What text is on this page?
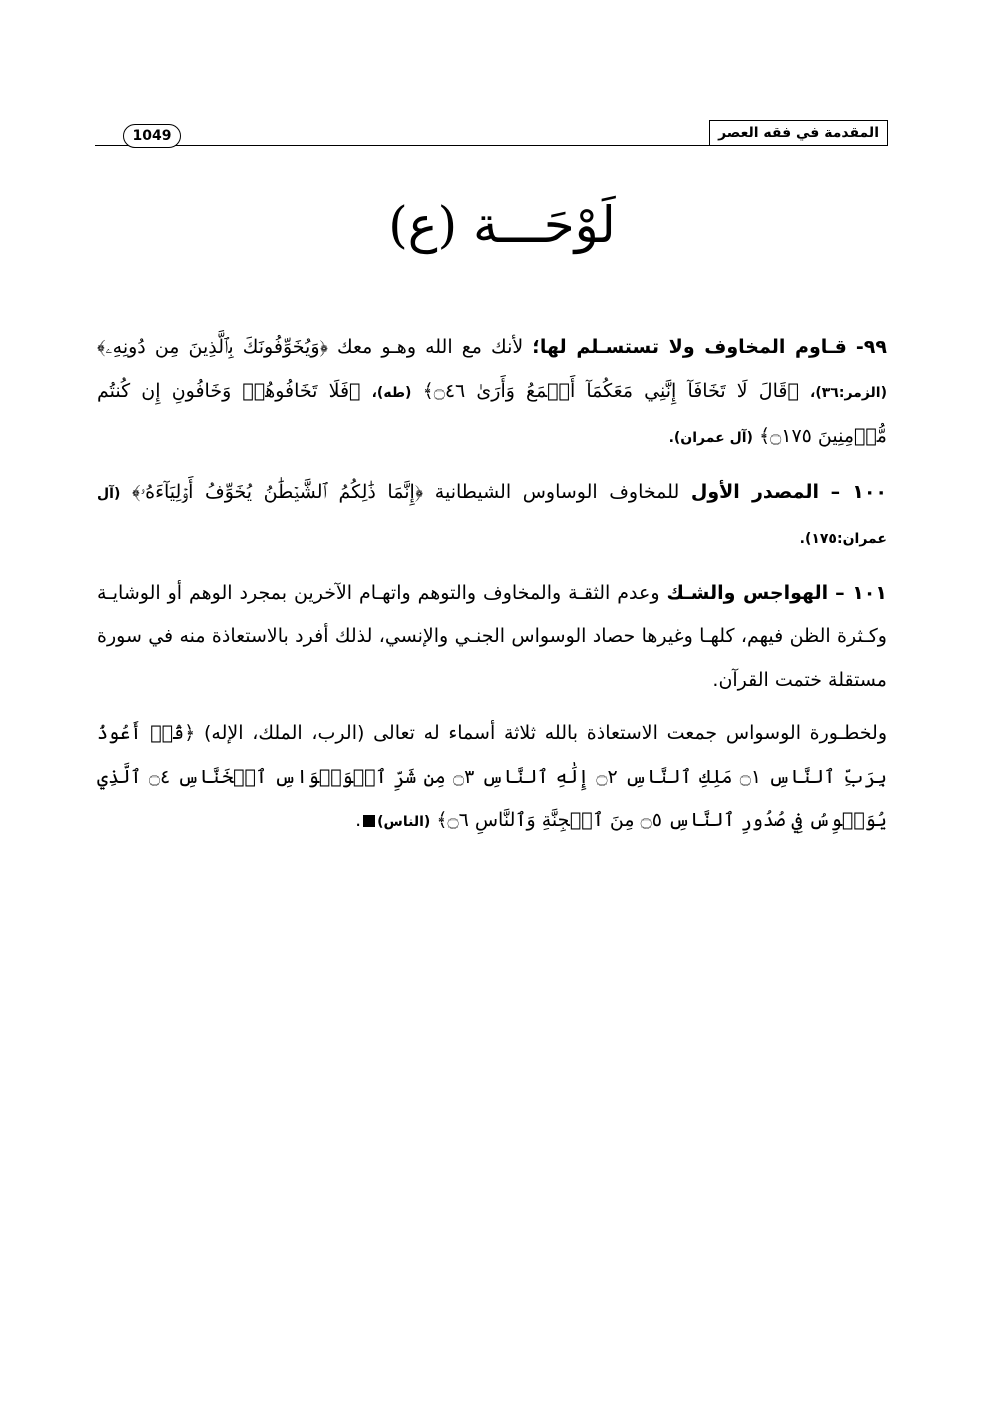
1049	المقدمة في فقه العصر
لَوْحَـــة (ع)

٩٩- قـاوم المخاوف ولا تستسـلم لها؛ لأنك مع الله وهـو معك ﴿وَيُخَوِّفُونَكَ بِٱلَّذِينَ مِن دُونِهِۦ﴾ (الزمر:٣٦)، ﴿قَالَ لَا تَخَافَآ إِنَّنِي مَعَكُمَآ أَسۡمَعُ وَأَرَىٰ ۝٤٦﴾ (طه)، ﴿فَلَا تَخَافُوهُمۡ وَخَافُونِ إِن كُنتُم مُّؤۡمِنِينَ ۝١٧٥﴾ (آل عمران).

١٠٠ – المصدر الأول للمخاوف الوساوس الشيطانية ﴿إِنَّمَا ذَٰلِكُمُ ٱلشَّيۡطَٰنُ يُخَوِّفُ أَوۡلِيَآءَهُۥ﴾ (آل عمران:١٧٥).

١٠١ – الهواجس والشـك وعدم الثقـة والمخاوف والتوهم واتهـام الآخرين بمجرد الوهم أو الوشايـة وكـثرة الظن فيهم، كلهـا وغيرها حصاد الوسواس الجنـي والإنسي، لذلك أفرد بالاستعاذة منه في سورة مستقلة ختمت القرآن.

ولخطـورة الوسواس جمعت الاستعاذة بالله ثلاثة أسماء له تعالى (الرب، الملك، الإله) ﴿قُلۡ أَعُوذُ بِرَبِّ ٱلنَّاسِ ۝١ مَلِكِ ٱلنَّاسِ ۝٢ إِلَٰهِ ٱلنَّاسِ ۝٣ مِن شَرِّ ٱلۡوَسۡوَاسِ ٱلۡخَنَّاسِ ۝٤ ٱلَّذِي يُوَسۡوِسُ فِي صُدُورِ ٱلنَّاسِ ۝٥ مِنَ ٱلۡجِنَّةِ وَٱلنَّاسِ ۝٦﴾ (الناس).
